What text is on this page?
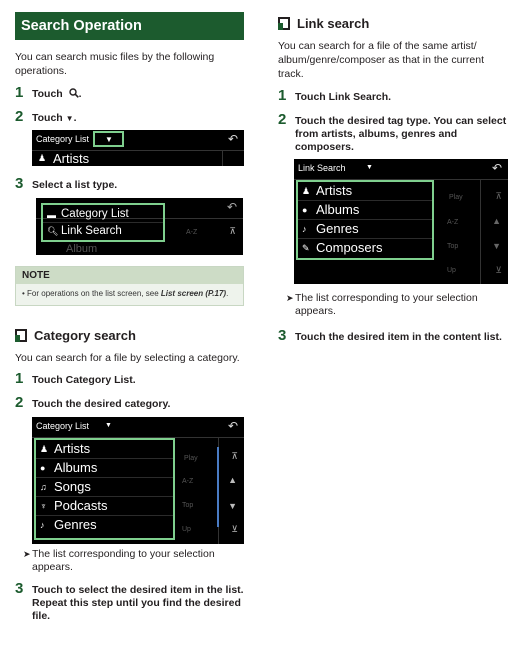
Search Operation

You can search music files by the following operations.

1 Touch .
2 Touch ▼.
Category List ▼	↶
♟ Artists
3 Select a list type.
↶
⊼
A-Z
▬ Category List
🔍︎ Link Search
Album
NOTE
• For operations on the list screen, see List screen (P.17).
Category search

You can search for a file by selecting a category.

1 Touch Category List.
2 Touch the desired category.
Category List ▼	↶
Play
A-Z
Top
Up
⊼
▲
▼
⊻
♟ Artists
● Albums
♫ Songs
♆ Podcasts
♪ Genres
➤ The list corresponding to your selection appears.
3 Touch to select the desired item in the list. Repeat this step until you find the desired file.
Link search

You can search for a file of the same artist/ album/genre/composer as that in the current track.

1 Touch Link Search.
2 Touch the desired tag type. You can select from artists, albums, genres and composers.
Link Search	▼	↶
Play
A-Z
Top
Up
⊼
▲
▼
⊻
♟ Artists
● Albums
♪ Genres
✎ Composers
➤ The list corresponding to your selection appears.
3 Touch the desired item in the content list.
